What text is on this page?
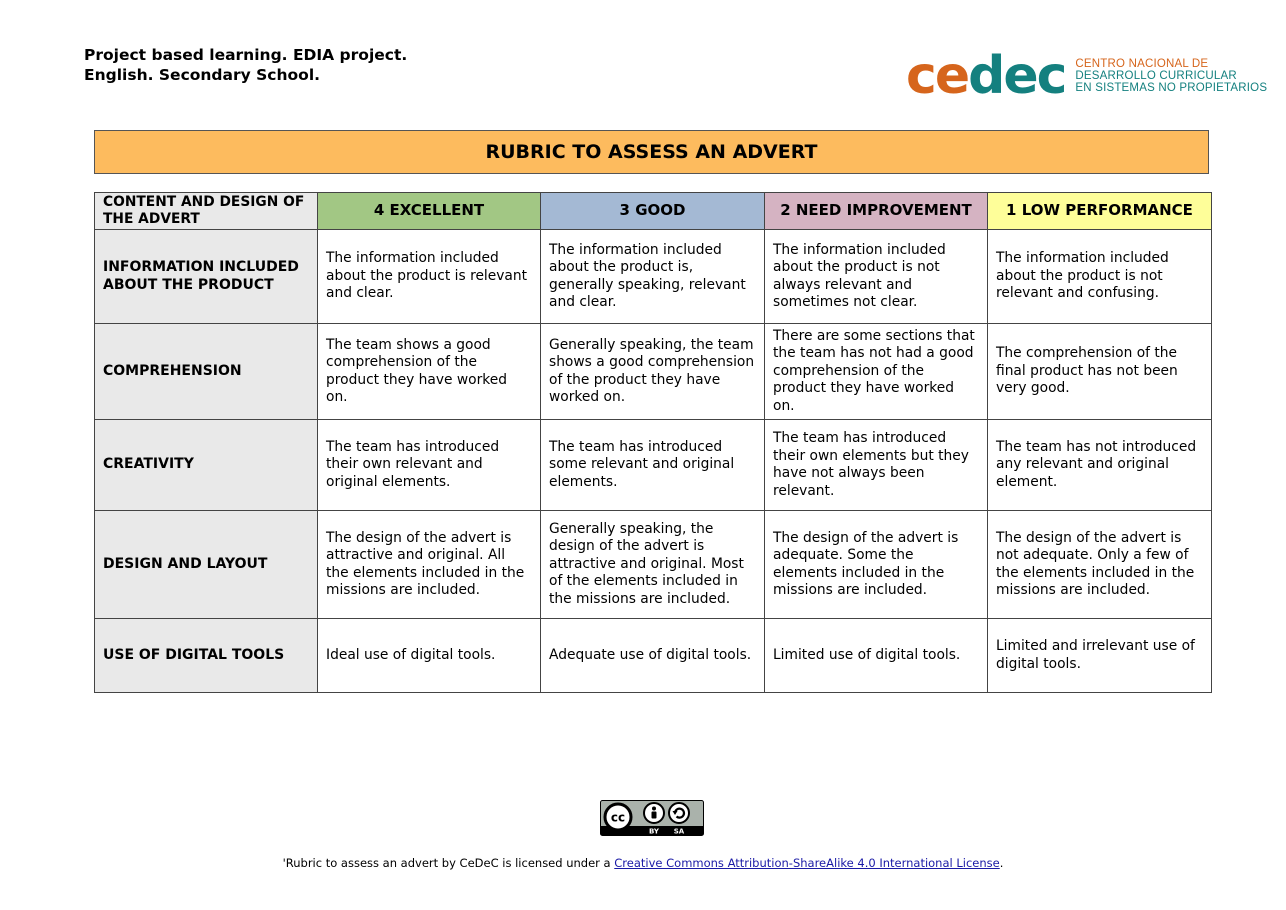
Project based learning. EDIA project.
English. Secondary School.	cedec CENTRO NACIONAL DE
DESARROLLO CURRICULAR
EN SISTEMAS NO PROPIETARIOS
RUBRIC TO ASSESS AN ADVERT
CONTENT AND DESIGN OF THE ADVERT	4 EXCELLENT	3 GOOD	2 NEED IMPROVEMENT	1 LOW PERFORMANCE
INFORMATION INCLUDED ABOUT THE PRODUCT	The information included about the product is relevant and clear.	The information included about the product is, generally speaking, relevant and clear.	The information included about the product is not always relevant and sometimes not clear.	The information included about the product is not relevant and confusing.
COMPREHENSION	The team shows a good comprehension of the product they have worked on.	Generally speaking, the team shows a good comprehension of the product they have worked on.	There are some sections that the team has not had a good comprehension of the product they have worked on.	The comprehension of the final product has not been very good.
CREATIVITY	The team has introduced their own relevant and original elements.	The team has introduced some relevant and original elements.	The team has introduced their own elements but they have not always been relevant.	The team has not introduced any relevant and original element.
DESIGN AND LAYOUT	The design of the advert is attractive and original. All the elements included in the missions are included.	Generally speaking, the design of the advert is attractive and original. Most of the elements included in the missions are included.	The design of the advert is adequate. Some the elements included in the missions are included.	The design of the advert is not adequate. Only a few of the elements included in the missions are included.
USE OF DIGITAL TOOLS	Ideal use of digital tools.	Adequate use of digital tools.	Limited use of digital tools.	Limited and irrelevant use of digital tools.
cc
BY SA
'Rubric to assess an advert by CeDeC is licensed under a Creative Commons Attribution-ShareAlike 4.0 International License.
